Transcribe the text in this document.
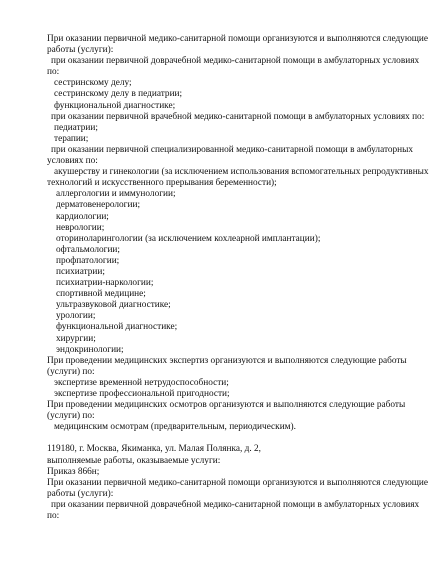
При оказании первичной медико-санитарной помощи организуются и выполняются следующие
работы (услуги):
при оказании первичной доврачебной медико-санитарной помощи в амбулаторных условиях
по:
сестринскому делу;
сестринскому делу в педиатрии;
функциональной диагностике;
при оказании первичной врачебной медико-санитарной помощи в амбулаторных условиях по:
педиатрии;
терапии;
при оказании первичной специализированной медико-санитарной помощи в амбулаторных
условиях по:
акушерству и гинекологии (за исключением использования вспомогательных репродуктивных
технологий и искусственного прерывания беременности);
аллергологии и иммунологии;
дерматовенерологии;
кардиологии;
неврологии;
оториноларингологии (за исключением кохлеарной имплантации);
офтальмологии;
профпатологии;
психиатрии;
психиатрии-наркологии;
спортивной медицине;
ультразвуковой диагностике;
урологии;
функциональной диагностике;
хирургии;
эндокринологии;
При проведении медицинских экспертиз организуются и выполняются следующие работы
(услуги) по:
экспертизе временной нетрудоспособности;
экспертизе профессиональной пригодности;
При проведении медицинских осмотров организуются и выполняются следующие работы
(услуги) по:
медицинским осмотрам (предварительным, периодическим).
119180, г. Москва, Якиманка, ул. Малая Полянка, д. 2,
выполняемые работы, оказываемые услуги:
Приказ 866н;
При оказании первичной медико-санитарной помощи организуются и выполняются следующие
работы (услуги):
при оказании первичной доврачебной медико-санитарной помощи в амбулаторных условиях
по:
